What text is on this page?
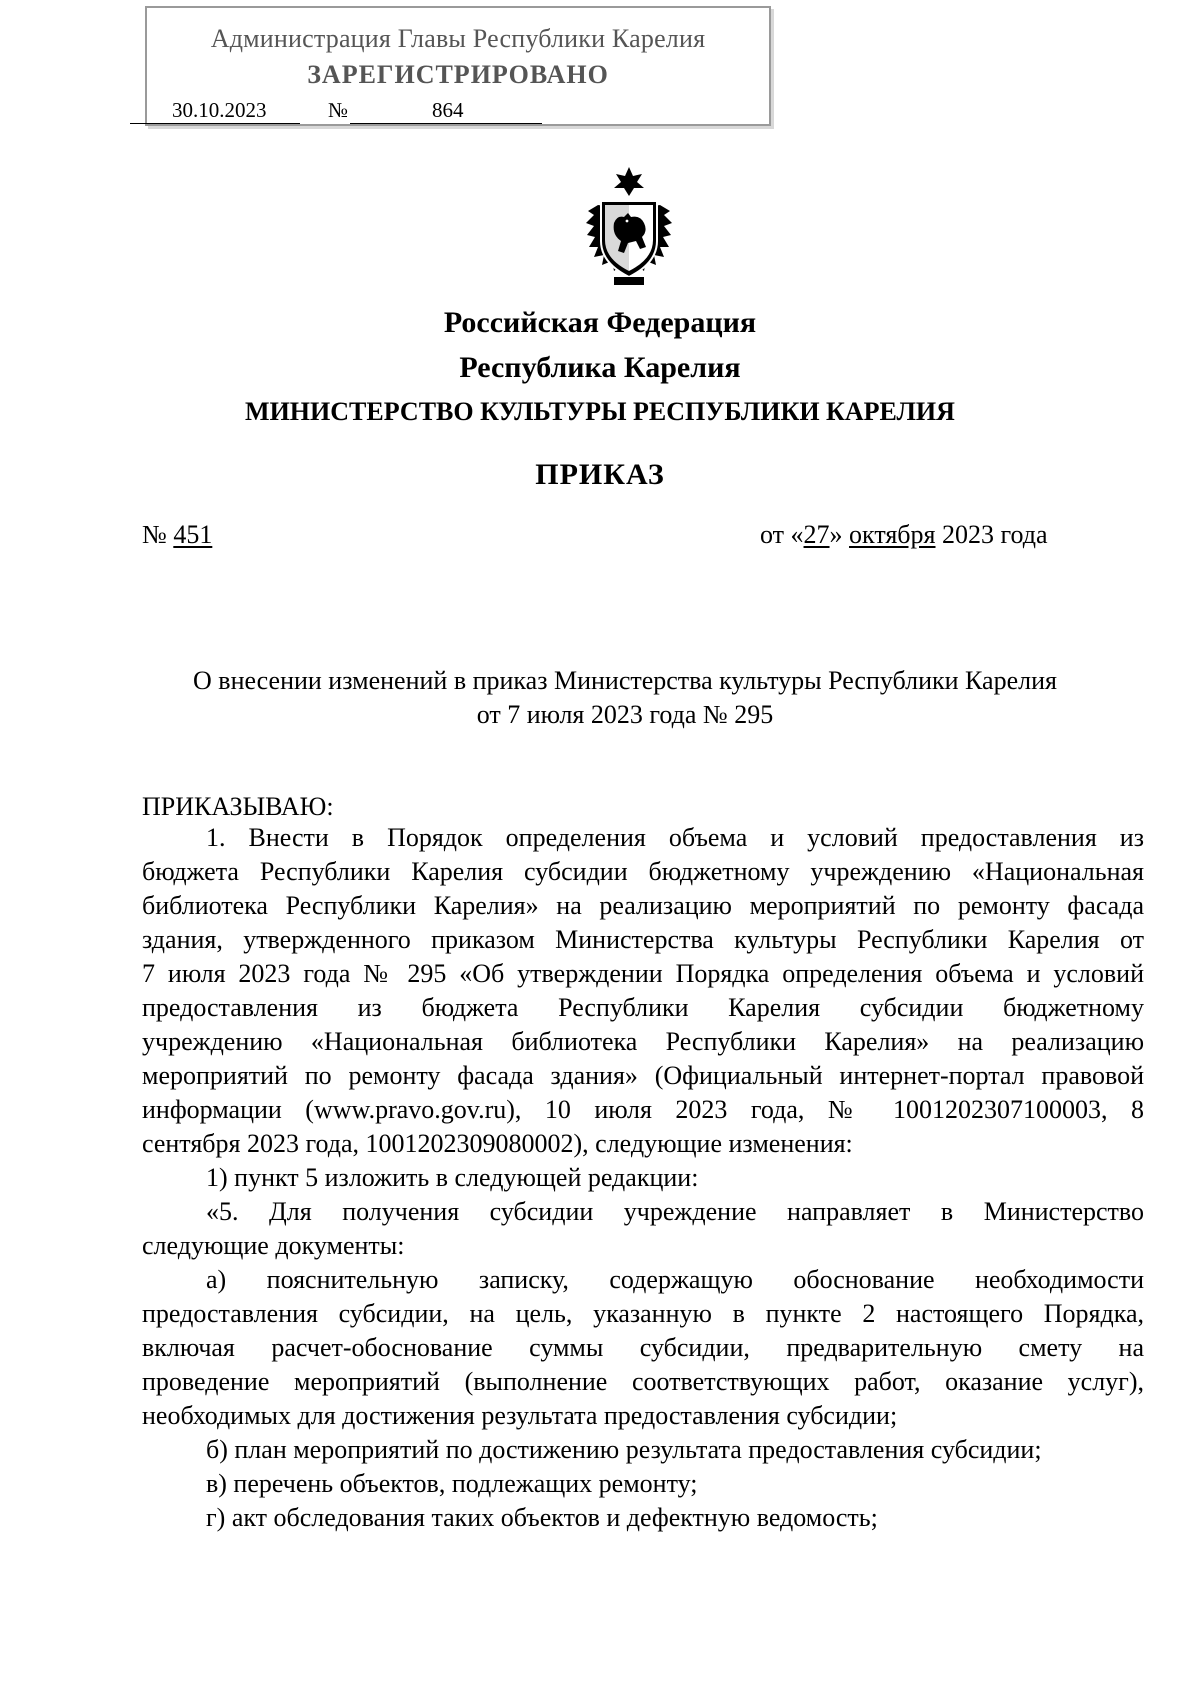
Администрация Главы Республики Карелия
ЗАРЕГИСТРИРОВАНО
30.10.2023	№	864
Российская Федерация
Республика Карелия
МИНИСТЕРСТВО КУЛЬТУРЫ РЕСПУБЛИКИ КАРЕЛИЯ
ПРИКАЗ
№ 451	от «27» октября 2023 года
О внесении изменений в приказ Министерства культуры Республики Карелия
от 7 июля 2023 года № 295
ПРИКАЗЫВАЮ:
1. Внести в Порядок определения объема и условий предоставления из
бюджета Республики Карелия субсидии бюджетному учреждению «Национальная
библиотека Республики Карелия» на реализацию мероприятий по ремонту фасада
здания, утвержденного приказом Министерства культуры Республики Карелия от
7 июля 2023 года № 295 «Об утверждении Порядка определения объема и условий
предоставления из бюджета Республики Карелия субсидии бюджетному
учреждению «Национальная библиотека Республики Карелия» на реализацию
мероприятий по ремонту фасада здания» (Официальный интернет-портал правовой
информации (www.pravo.gov.ru), 10 июля 2023 года, № 1001202307100003, 8
сентября 2023 года, 1001202309080002), следующие изменения:
1) пункт 5 изложить в следующей редакции:
«5. Для получения субсидии учреждение направляет в Министерство
следующие документы:
а) пояснительную записку, содержащую обоснование необходимости
предоставления субсидии, на цель, указанную в пункте 2 настоящего Порядка,
включая расчет-обоснование суммы субсидии, предварительную смету на
проведение мероприятий (выполнение соответствующих работ, оказание услуг),
необходимых для достижения результата предоставления субсидии;
б) план мероприятий по достижению результата предоставления субсидии;
в) перечень объектов, подлежащих ремонту;
г) акт обследования таких объектов и дефектную ведомость;
